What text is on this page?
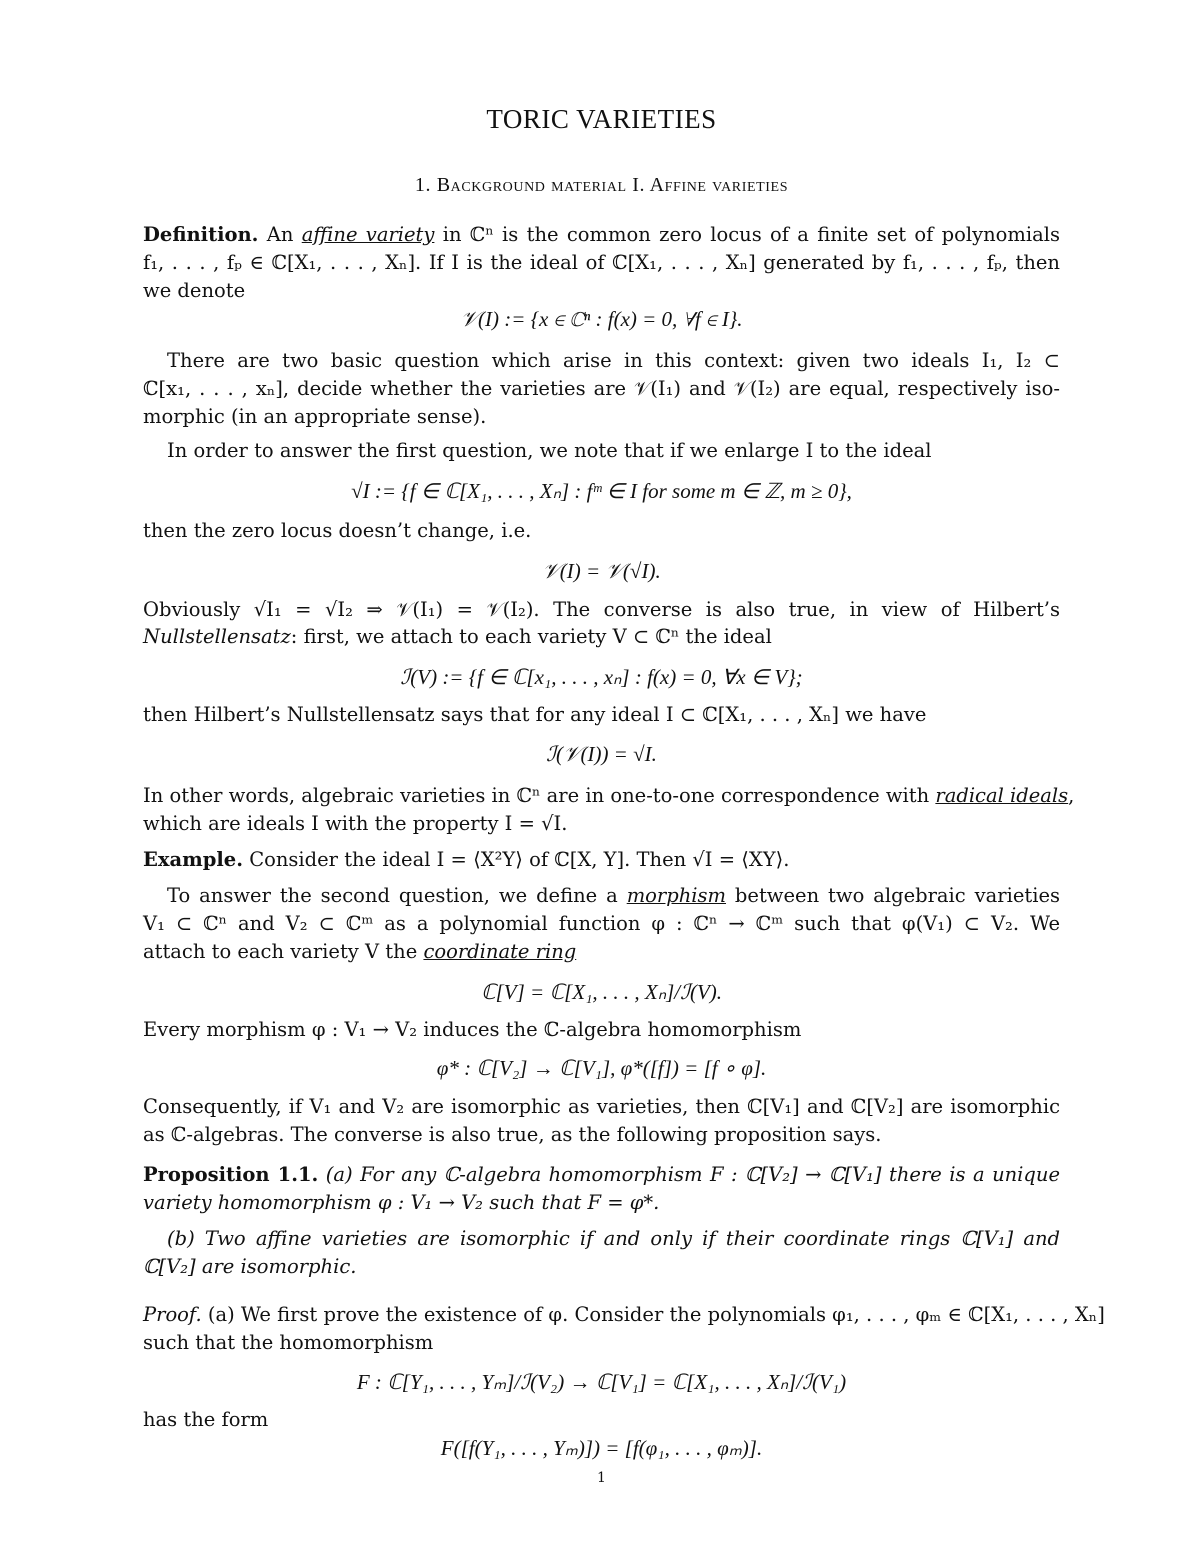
TORIC VARIETIES
1. Background material I. Affine varieties
Definition. An affine variety in ℂⁿ is the common zero locus of a finite set of polynomials
f₁, . . . , fₚ ∈ ℂ[X₁, . . . , Xₙ]. If I is the ideal of ℂ[X₁, . . . , Xₙ] generated by f₁, . . . , fₚ, then
we denote
𝒱(I) := {x ∈ ℂⁿ : f(x) = 0, ∀f ∈ I}.
There are two basic question which arise in this context: given two ideals I₁, I₂ ⊂
ℂ[x₁, . . . , xₙ], decide whether the varieties are 𝒱(I₁) and 𝒱(I₂) are equal, respectively iso-
morphic (in an appropriate sense).
In order to answer the first question, we note that if we enlarge I to the ideal
√I := {f ∈ ℂ[X₁, . . . , Xₙ] : fᵐ ∈ I for some m ∈ ℤ, m ≥ 0},
then the zero locus doesn’t change, i.e.
𝒱(I) = 𝒱(√I).
Obviously √I₁ = √I₂ ⇒ 𝒱(I₁) = 𝒱(I₂). The converse is also true, in view of Hilbert’s
Nullstellensatz: first, we attach to each variety V ⊂ ℂⁿ the ideal
ℐ(V) := {f ∈ ℂ[x₁, . . . , xₙ] : f(x) = 0, ∀x ∈ V};
then Hilbert’s Nullstellensatz says that for any ideal I ⊂ ℂ[X₁, . . . , Xₙ] we have
ℐ(𝒱(I)) = √I.
In other words, algebraic varieties in ℂⁿ are in one-to-one correspondence with radical ideals,
which are ideals I with the property I = √I.
Example. Consider the ideal I = ⟨X²Y⟩ of ℂ[X, Y]. Then √I = ⟨XY⟩.
To answer the second question, we define a morphism between two algebraic varieties
V₁ ⊂ ℂⁿ and V₂ ⊂ ℂᵐ as a polynomial function φ : ℂⁿ → ℂᵐ such that φ(V₁) ⊂ V₂. We
attach to each variety V the coordinate ring
ℂ[V] = ℂ[X₁, . . . , Xₙ]/ℐ(V).
Every morphism φ : V₁ → V₂ induces the ℂ-algebra homomorphism
φ* : ℂ[V₂] → ℂ[V₁], φ*([f]) = [f ∘ φ].
Consequently, if V₁ and V₂ are isomorphic as varieties, then ℂ[V₁] and ℂ[V₂] are isomorphic
as ℂ-algebras. The converse is also true, as the following proposition says.
Proposition 1.1. (a) For any ℂ-algebra homomorphism F : ℂ[V₂] → ℂ[V₁] there is a unique
variety homomorphism φ : V₁ → V₂ such that F = φ*.
(b) Two affine varieties are isomorphic if and only if their coordinate rings ℂ[V₁] and
ℂ[V₂] are isomorphic.
Proof. (a) We first prove the existence of φ. Consider the polynomials φ₁, . . . , φₘ ∈ ℂ[X₁, . . . , Xₙ]
such that the homomorphism
F : ℂ[Y₁, . . . , Yₘ]/ℐ(V₂) → ℂ[V₁] = ℂ[X₁, . . . , Xₙ]/ℐ(V₁)
has the form
F([f(Y₁, . . . , Yₘ)]) = [f(φ₁, . . . , φₘ)].
1
